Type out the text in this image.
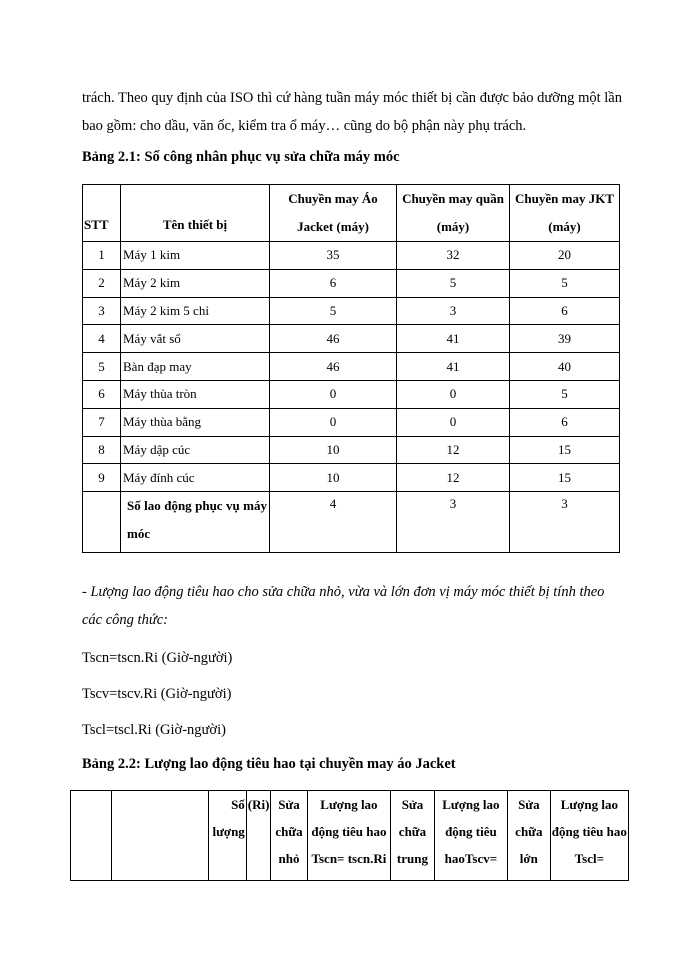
trách. Theo quy định của ISO thì cứ hàng tuần máy móc thiết bị cần được bảo dưỡng một lần bao gồm: cho dầu, văn ốc, kiểm tra ổ máy… cũng do bộ phận này phụ trách.
Bảng 2.1: Số công nhân phục vụ sửa chữa máy móc
STT	Tên thiết bị	Chuyền may Áo Jacket (máy)	Chuyền may quần (máy)	Chuyền may JKT (máy)
1	Máy 1 kim	35	32	20
2	Máy 2 kim	6	5	5
3	Máy 2 kim 5 chỉ	5	3	6
4	Máy vắt sổ	46	41	39
5	Bàn đạp may	46	41	40
6	Máy thùa tròn	0	0	5
7	Máy thùa bằng	0	0	6
8	Máy dập cúc	10	12	15
9	Máy đính cúc	10	12	15
	Số lao động phục vụ máy móc	4	3	3
- Lượng lao động tiêu hao cho sửa chữa nhỏ, vừa và lớn đơn vị máy móc thiết bị tính theo các công thức:
Tscn=tscn.Ri (Giờ-người)
Tscv=tscv.Ri (Giờ-người)
Tscl=tscl.Ri (Giờ-người)
Bảng 2.2: Lượng lao động tiêu hao tại chuyền may áo Jacket
		Số lượng	(Ri)	Sửa chữa nhỏ	Lượng lao động tiêu hao Tscn= tscn.Ri	Sửa chữa trung	Lượng lao động tiêu haoTscv=	Sửa chữa lớn	Lượng lao động tiêu hao Tscl=
